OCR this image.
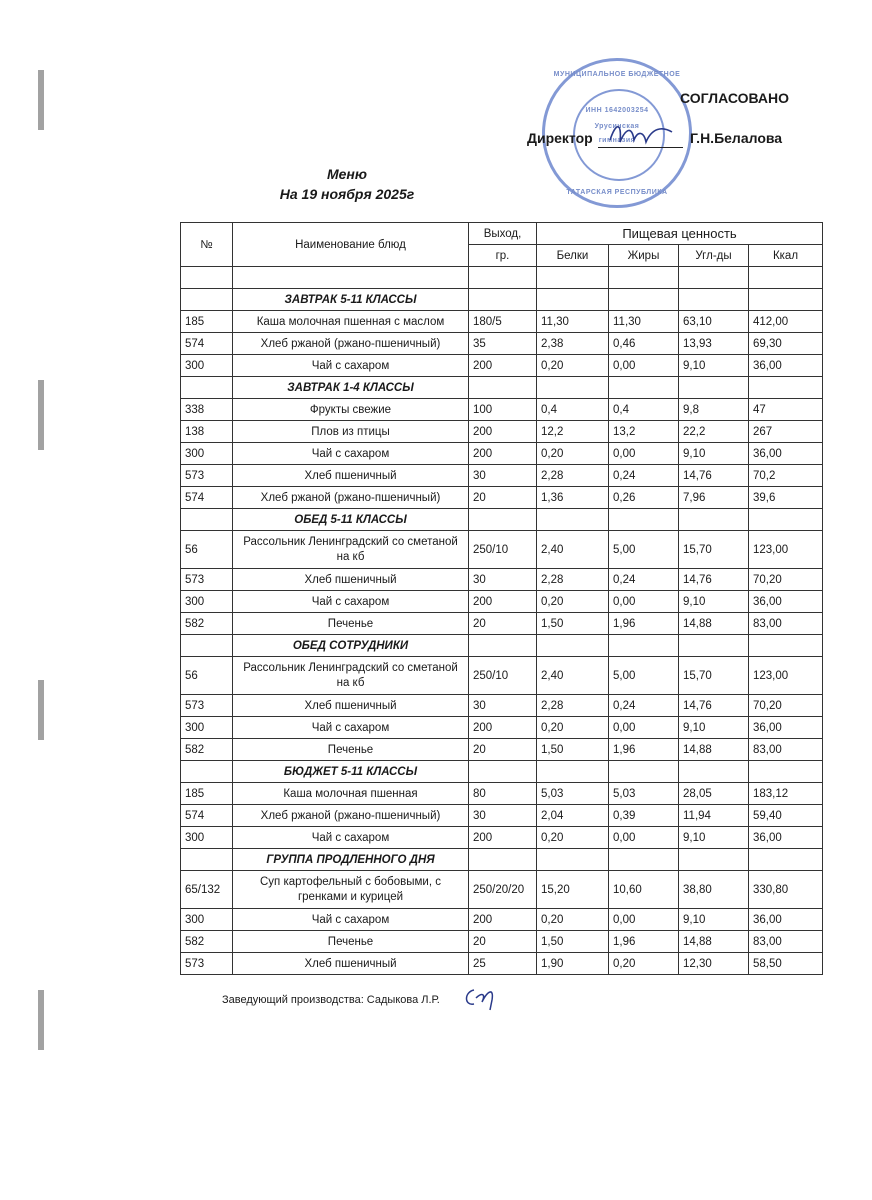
МУНИЦИПАЛЬНОЕ БЮДЖЕТНОЕ
ИНН 1642003254
Урусинская
гимназия
ТАТАРСКАЯ РЕСПУБЛИКА
СОГЛАСОВАНО
Директор	Г.Н.Белалова
Меню
На 19 ноября 2025г
№	Наименование блюд	Выход,	Пищевая ценность			
		гр.	Белки	Жиры	Угл-ды	Ккал

	ЗАВТРАК 5-11 КЛАССЫ					
185	Каша молочная пшенная с маслом	180/5	11,30	11,30	63,10	412,00
574	Хлеб ржаной (ржано-пшеничный)	35	2,38	0,46	13,93	69,30
300	Чай с сахаром	200	0,20	0,00	9,10	36,00
	ЗАВТРАК 1-4 КЛАССЫ					
338	Фрукты свежие	100	0,4	0,4	9,8	47
138	Плов из птицы	200	12,2	13,2	22,2	267
300	Чай с сахаром	200	0,20	0,00	9,10	36,00
573	Хлеб пшеничный	30	2,28	0,24	14,76	70,2
574	Хлеб ржаной (ржано-пшеничный)	20	1,36	0,26	7,96	39,6
	ОБЕД 5-11 КЛАССЫ					
56	Рассольник Ленинградский со сметаной на кб	250/10	2,40	5,00	15,70	123,00
573	Хлеб пшеничный	30	2,28	0,24	14,76	70,20
300	Чай с сахаром	200	0,20	0,00	9,10	36,00
582	Печенье	20	1,50	1,96	14,88	83,00
	ОБЕД СОТРУДНИКИ					
56	Рассольник Ленинградский со сметаной на кб	250/10	2,40	5,00	15,70	123,00
573	Хлеб пшеничный	30	2,28	0,24	14,76	70,20
300	Чай с сахаром	200	0,20	0,00	9,10	36,00
582	Печенье	20	1,50	1,96	14,88	83,00
	БЮДЖЕТ 5-11 КЛАССЫ					
185	Каша молочная пшенная	80	5,03	5,03	28,05	183,12
574	Хлеб ржаной (ржано-пшеничный)	30	2,04	0,39	11,94	59,40
300	Чай с сахаром	200	0,20	0,00	9,10	36,00
	ГРУППА ПРОДЛЕННОГО ДНЯ					
65/132	Суп картофельный с бобовыми, с гренками и курицей	250/20/20	15,20	10,60	38,80	330,80
300	Чай с сахаром	200	0,20	0,00	9,10	36,00
582	Печенье	20	1,50	1,96	14,88	83,00
573	Хлеб пшеничный	25	1,90	0,20	12,30	58,50
Заведующий производства: Садыкова Л.Р.
